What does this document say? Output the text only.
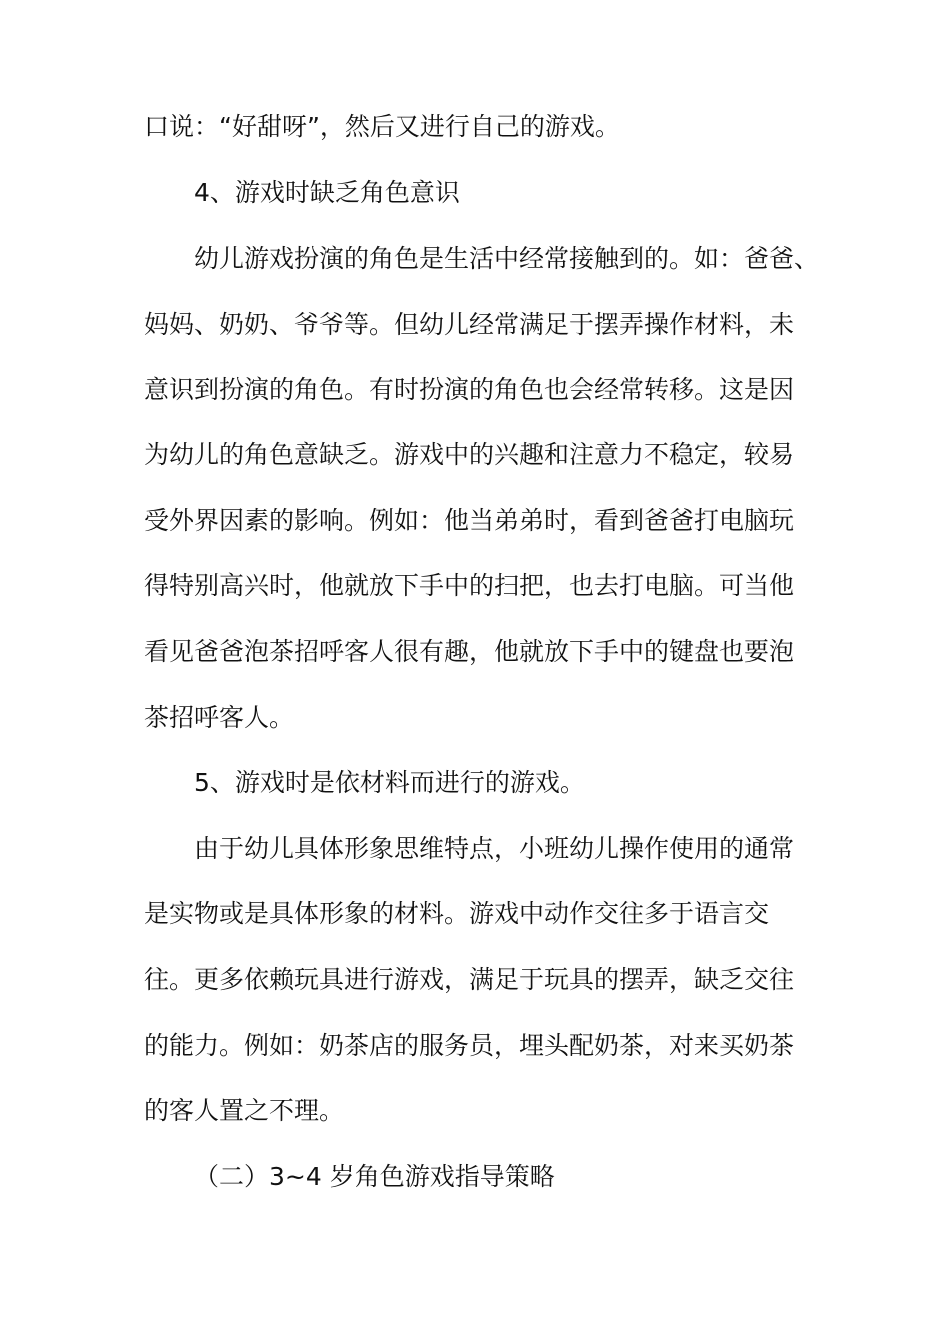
口说：“好甜呀”，然后又进行自己的游戏。
4、游戏时缺乏角色意识
幼儿游戏扮演的角色是生活中经常接触到的。如：爸爸、
妈妈、奶奶、爷爷等。但幼儿经常满足于摆弄操作材料，未
意识到扮演的角色。有时扮演的角色也会经常转移。这是因
为幼儿的角色意缺乏。游戏中的兴趣和注意力不稳定，较易
受外界因素的影响。例如：他当弟弟时，看到爸爸打电脑玩
得特别高兴时，他就放下手中的扫把，也去打电脑。可当他
看见爸爸泡茶招呼客人很有趣，他就放下手中的键盘也要泡
茶招呼客人。
5、游戏时是依材料而进行的游戏。
由于幼儿具体形象思维特点，小班幼儿操作使用的通常
是实物或是具体形象的材料。游戏中动作交往多于语言交
往。更多依赖玩具进行游戏，满足于玩具的摆弄，缺乏交往
的能力。例如：奶茶店的服务员，埋头配奶茶，对来买奶茶
的客人置之不理。
（二）3~4 岁角色游戏指导策略
